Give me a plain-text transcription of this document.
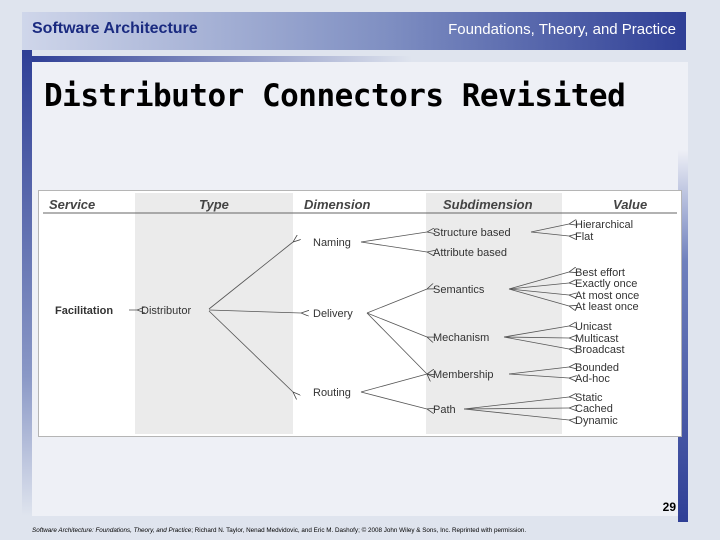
Software Architecture	Foundations, Theory, and Practice
Distributor Connectors Revisited
Service	Type	Dimension	Subdimension	Value
Facilitation	Distributor
Naming
Delivery
Routing
Structure based
Attribute based
Semantics
Mechanism
Membership
Path
Hierarchical
Flat
Best effort
Exactly once
At most once
At least once
Unicast
Multicast
Broadcast
Bounded
Ad-hoc
Static
Cached
Dynamic
29
Software Architecture: Foundations, Theory, and Practice; Richard N. Taylor, Nenad Medvidovic, and Eric M. Dashofy; © 2008 John Wiley & Sons, Inc. Reprinted with permission.
